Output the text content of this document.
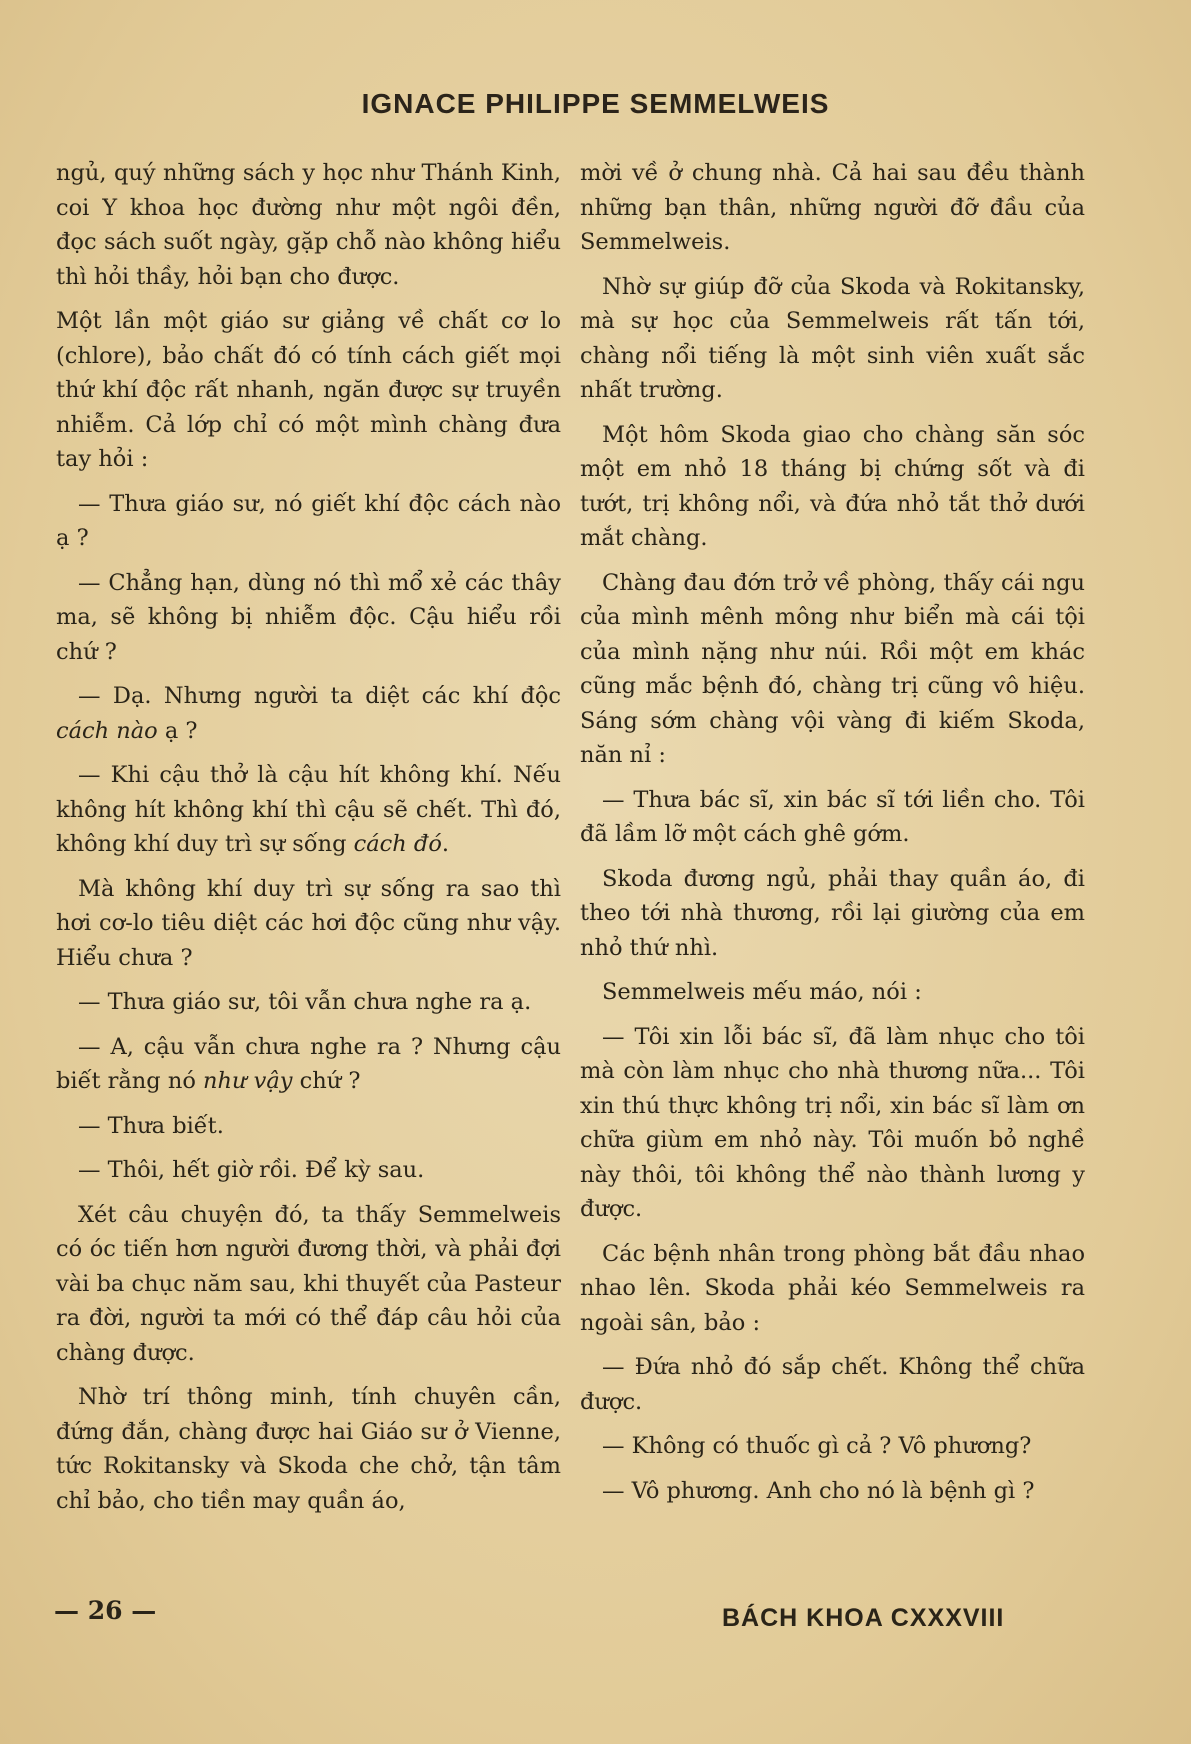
IGNACE PHILIPPE SEMMELWEIS

ngủ, quý những sách y học như Thánh Kinh, coi Y khoa học đường như một ngôi đền, đọc sách suốt ngày, gặp chỗ nào không hiểu thì hỏi thầy, hỏi bạn cho được.

Một lần một giáo sư giảng về chất cơ lo (chlore), bảo chất đó có tính cách giết mọi thứ khí độc rất nhanh, ngăn được sự truyền nhiễm. Cả lớp chỉ có một mình chàng đưa tay hỏi :

— Thưa giáo sư, nó giết khí độc cách nào ạ ?

— Chẳng hạn, dùng nó thì mổ xẻ các thây ma, sẽ không bị nhiễm độc. Cậu hiểu rồi chứ ?

— Dạ. Nhưng người ta diệt các khí độc cách nào ạ ?

— Khi cậu thở là cậu hít không khí. Nếu không hít không khí thì cậu sẽ chết. Thì đó, không khí duy trì sự sống cách đó.

Mà không khí duy trì sự sống ra sao thì hơi cơ-lo tiêu diệt các hơi độc cũng như vậy. Hiểu chưa ?

— Thưa giáo sư, tôi vẫn chưa nghe ra ạ.

— A, cậu vẫn chưa nghe ra ? Nhưng cậu biết rằng nó như vậy chứ ?

— Thưa biết.

— Thôi, hết giờ rồi. Để kỳ sau.

Xét câu chuyện đó, ta thấy Semmelweis có óc tiến hơn người đương thời, và phải đợi vài ba chục năm sau, khi thuyết của Pasteur ra đời, người ta mới có thể đáp câu hỏi của chàng được.

Nhờ trí thông minh, tính chuyên cần, đứng đắn, chàng được hai Giáo sư ở Vienne, tức Rokitansky và Skoda che chở, tận tâm chỉ bảo, cho tiền may quần áo,

mời về ở chung nhà. Cả hai sau đều thành những bạn thân, những người đỡ đầu của Semmelweis.

Nhờ sự giúp đỡ của Skoda và Rokitansky, mà sự học của Semmelweis rất tấn tới, chàng nổi tiếng là một sinh viên xuất sắc nhất trường.

Một hôm Skoda giao cho chàng săn sóc một em nhỏ 18 tháng bị chứng sốt và đi tướt, trị không nổi, và đứa nhỏ tắt thở dưới mắt chàng.

Chàng đau đớn trở về phòng, thấy cái ngu của mình mênh mông như biển mà cái tội của mình nặng như núi. Rồi một em khác cũng mắc bệnh đó, chàng trị cũng vô hiệu. Sáng sớm chàng vội vàng đi kiếm Skoda, năn nỉ :

— Thưa bác sĩ, xin bác sĩ tới liền cho. Tôi đã lầm lỡ một cách ghê gớm.

Skoda đương ngủ, phải thay quần áo, đi theo tới nhà thương, rồi lại giường của em nhỏ thứ nhì.

Semmelweis mếu máo, nói :

— Tôi xin lỗi bác sĩ, đã làm nhục cho tôi mà còn làm nhục cho nhà thương nữa... Tôi xin thú thực không trị nổi, xin bác sĩ làm ơn chữa giùm em nhỏ này. Tôi muốn bỏ nghề này thôi, tôi không thể nào thành lương y được.

Các bệnh nhân trong phòng bắt đầu nhao nhao lên. Skoda phải kéo Semmelweis ra ngoài sân, bảo :

— Đứa nhỏ đó sắp chết. Không thể chữa được.

— Không có thuốc gì cả ? Vô phương?

— Vô phương. Anh cho nó là bệnh gì ?

— 26 —	BÁCH KHOA CXXXVIII
